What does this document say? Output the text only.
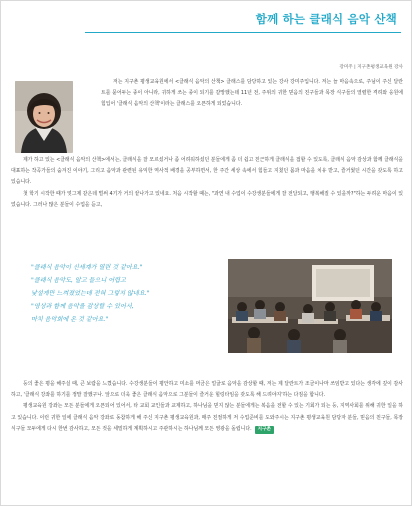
함께 하는 클래식 음악 산책
강미주 | 지구촌평생교육원 강사

저는 지구촌 평생교육원에서 <클래식 음악의 산책> 클래스를 담당하고 있는 강사 강미주입니다. 저는 늘 마음속으로, 주님이 주신 달란트를 묻어두는 종이 아니라, 귀하게 쓰는 종이 되기를 갈망했는데 11년 전, 주위의 귀한 믿음의 친구들과 목장 식구들의 열렬한 격려와 응원에 힘입어 '클래식 음악의 산책'이라는 클래스를 오픈하게 되었습니다.

제가 하고 있는 <클래식 음악의 산책>에서는, 클래식을 잘 모르셨거나 좀 어려워하셨던 분들에게 좀 더 쉽고 친근하게 클래식을 접할 수 있도록, 클래식 음악 감상과 함께 클래식을 대표하는 작곡가들의 숨겨진 이야기, 그리고 음악과 관련된 유익한 역사적 배경을 공부하면서, 한 주간 세상 속에서 힘들고 지쳤던 몸과 마음을 치유 받고, 즐거웠던 시간을 갖도록 하고 있습니다.

첫 학기 시작한 때가 엊그제 같은데 벌써 4기가 거의 끝나가고 있네요. 처음 시작할 때는, "과연 내 수업이 수강생분들에게 잘 전달되고, 행복해질 수 있을까?"하는 두려운 마음이 있었습니다. 그러나 많은 분들이 수업을 듣고,

"클래식 음악이 신세계가 열린 것 같아요."
"클래식 음악도, 알고 들으니 어렵고
낯설게만 느껴졌었는데 전혀 그렇지 않네요."
"영상과 함께 음악을 감상할 수 있어서,
마치 음악회에 온 것 같아요."

등의 좋은 평을 해주실 때, 큰 보람을 느꼈습니다. 수강생분들이 평안하고 미소를 머금은 얼굴로 음악을 감상할 때, 저는 제 달란트가 조금이나마 쓰임받고 있다는 생각에 깊이 감사하고, '클래식 강좌를 하기를 정말 잘했구나. 앞으로 더욱 좋은 클래식 음악으로 그분들이 즐거운 힐링타임을 갖도록 해 드려야지'하는 다짐을 합니다.

평생교육원 강좌는 모든 분들에게 오픈되어 있어서, 타 교회 교인들과 교제하고, 하나님을 믿지 않는 분들에게는 복음을 전할 수 있는 기회가 되는 등, 지역사회를 위해 귀한 일을 하고 있습니다. 이런 귀한 일에 클래식 음악 강좌로 동참하게 해 주신 지구촌 평생교육원과, 매주 친절하게 저 수업준비를 도와주시는 지구촌 평생교육원 담당자 분들, 믿음의 친구들, 목장 식구들 모두에게 다시 한번 감사하고, 모든 것을 세밀하게 계획하시고 주관하시는 하나님께 모든 영광을 돌립니다. 지구촌
